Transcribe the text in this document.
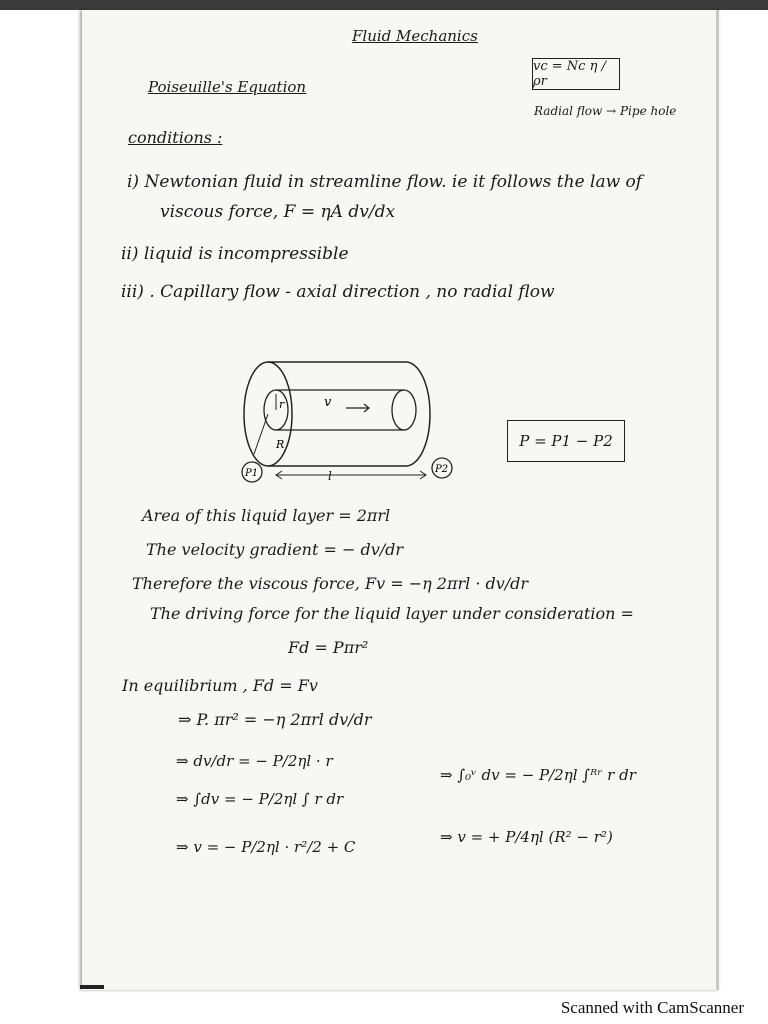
Fluid Mechanics
Poiseuille's Equation
vc = Nc η / ρr
Radial flow → Pipe hole
conditions :
i) Newtonian fluid in streamline flow. ie it follows the law of
viscous force, F = ηA dv/dx
ii) liquid is incompressible
iii) . Capillary flow - axial direction , no radial flow
r
R
v
P1	P2
l
P = P1 − P2
Area of this liquid layer = 2πrl
The velocity gradient = − dv/dr
Therefore the viscous force, Fv = −η 2πrl · dv/dr
The driving force for the liquid layer under consideration =
Fd = Pπr²
In equilibrium , Fd = Fv
⇒ P. πr² = −η 2πrl dv/dr
⇒ dv/dr = − P/2ηl · r
⇒ ∫dv = − P/2ηl ∫ r dr
⇒ v = − P/2ηl · r²/2 + C
⇒ ∫₀ᵛ dv = − P/2ηl ∫ᴿʳ r dr
⇒ v = + P/4ηl (R² − r²)
Scanned with CamScanner
